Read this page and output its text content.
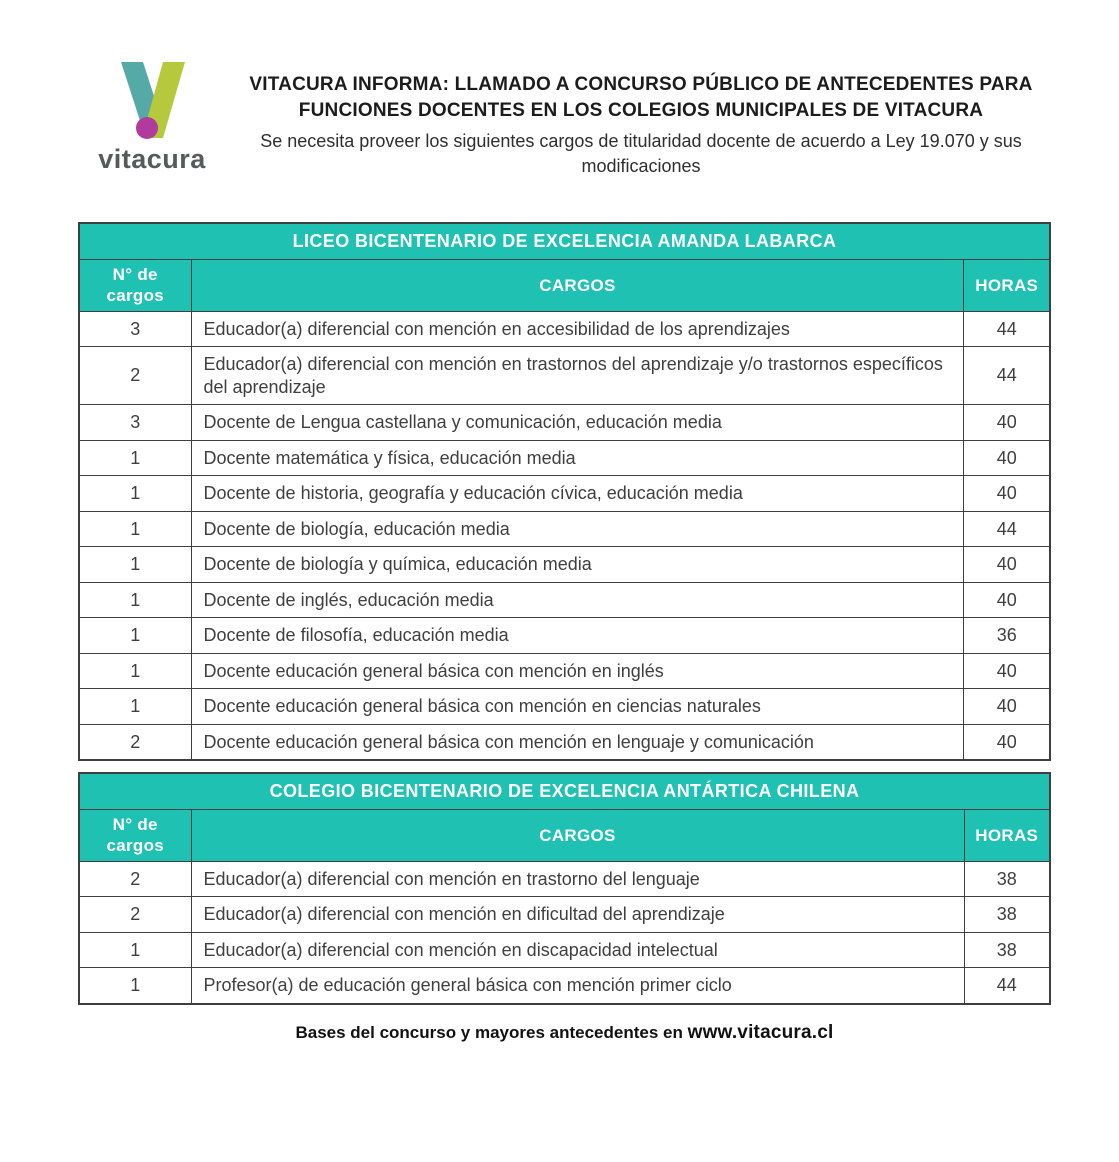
vitacura
VITACURA INFORMA: LLAMADO A CONCURSO PÚBLICO DE ANTECEDENTES PARA FUNCIONES DOCENTES EN LOS COLEGIOS MUNICIPALES DE VITACURA
Se necesita proveer los siguientes cargos de titularidad docente de acuerdo a Ley 19.070 y sus modificaciones
LICEO BICENTENARIO DE EXCELENCIA AMANDA LABARCA		
N° de cargos	CARGOS	HORAS
3	Educador(a) diferencial con mención en accesibilidad de los aprendizajes	44
2	Educador(a) diferencial con mención en trastornos del aprendizaje y/o trastornos específicos del aprendizaje	44
3	Docente de Lengua castellana y comunicación, educación media	40
1	Docente matemática y física, educación media	40
1	Docente de historia, geografía y educación cívica, educación media	40
1	Docente de biología, educación media	44
1	Docente de biología y química, educación media	40
1	Docente de inglés, educación media	40
1	Docente de filosofía, educación media	36
1	Docente educación general básica con mención en inglés	40
1	Docente educación general básica con mención en ciencias naturales	40
2	Docente educación general básica con mención en lenguaje y comunicación	40
COLEGIO BICENTENARIO DE EXCELENCIA ANTÁRTICA CHILENA		
N° de cargos	CARGOS	HORAS
2	Educador(a) diferencial con mención en trastorno del lenguaje	38
2	Educador(a) diferencial con mención en dificultad del aprendizaje	38
1	Educador(a) diferencial con mención en discapacidad intelectual	38
1	Profesor(a) de educación general básica con mención primer ciclo	44
Bases del concurso y mayores antecedentes en www.vitacura.cl
